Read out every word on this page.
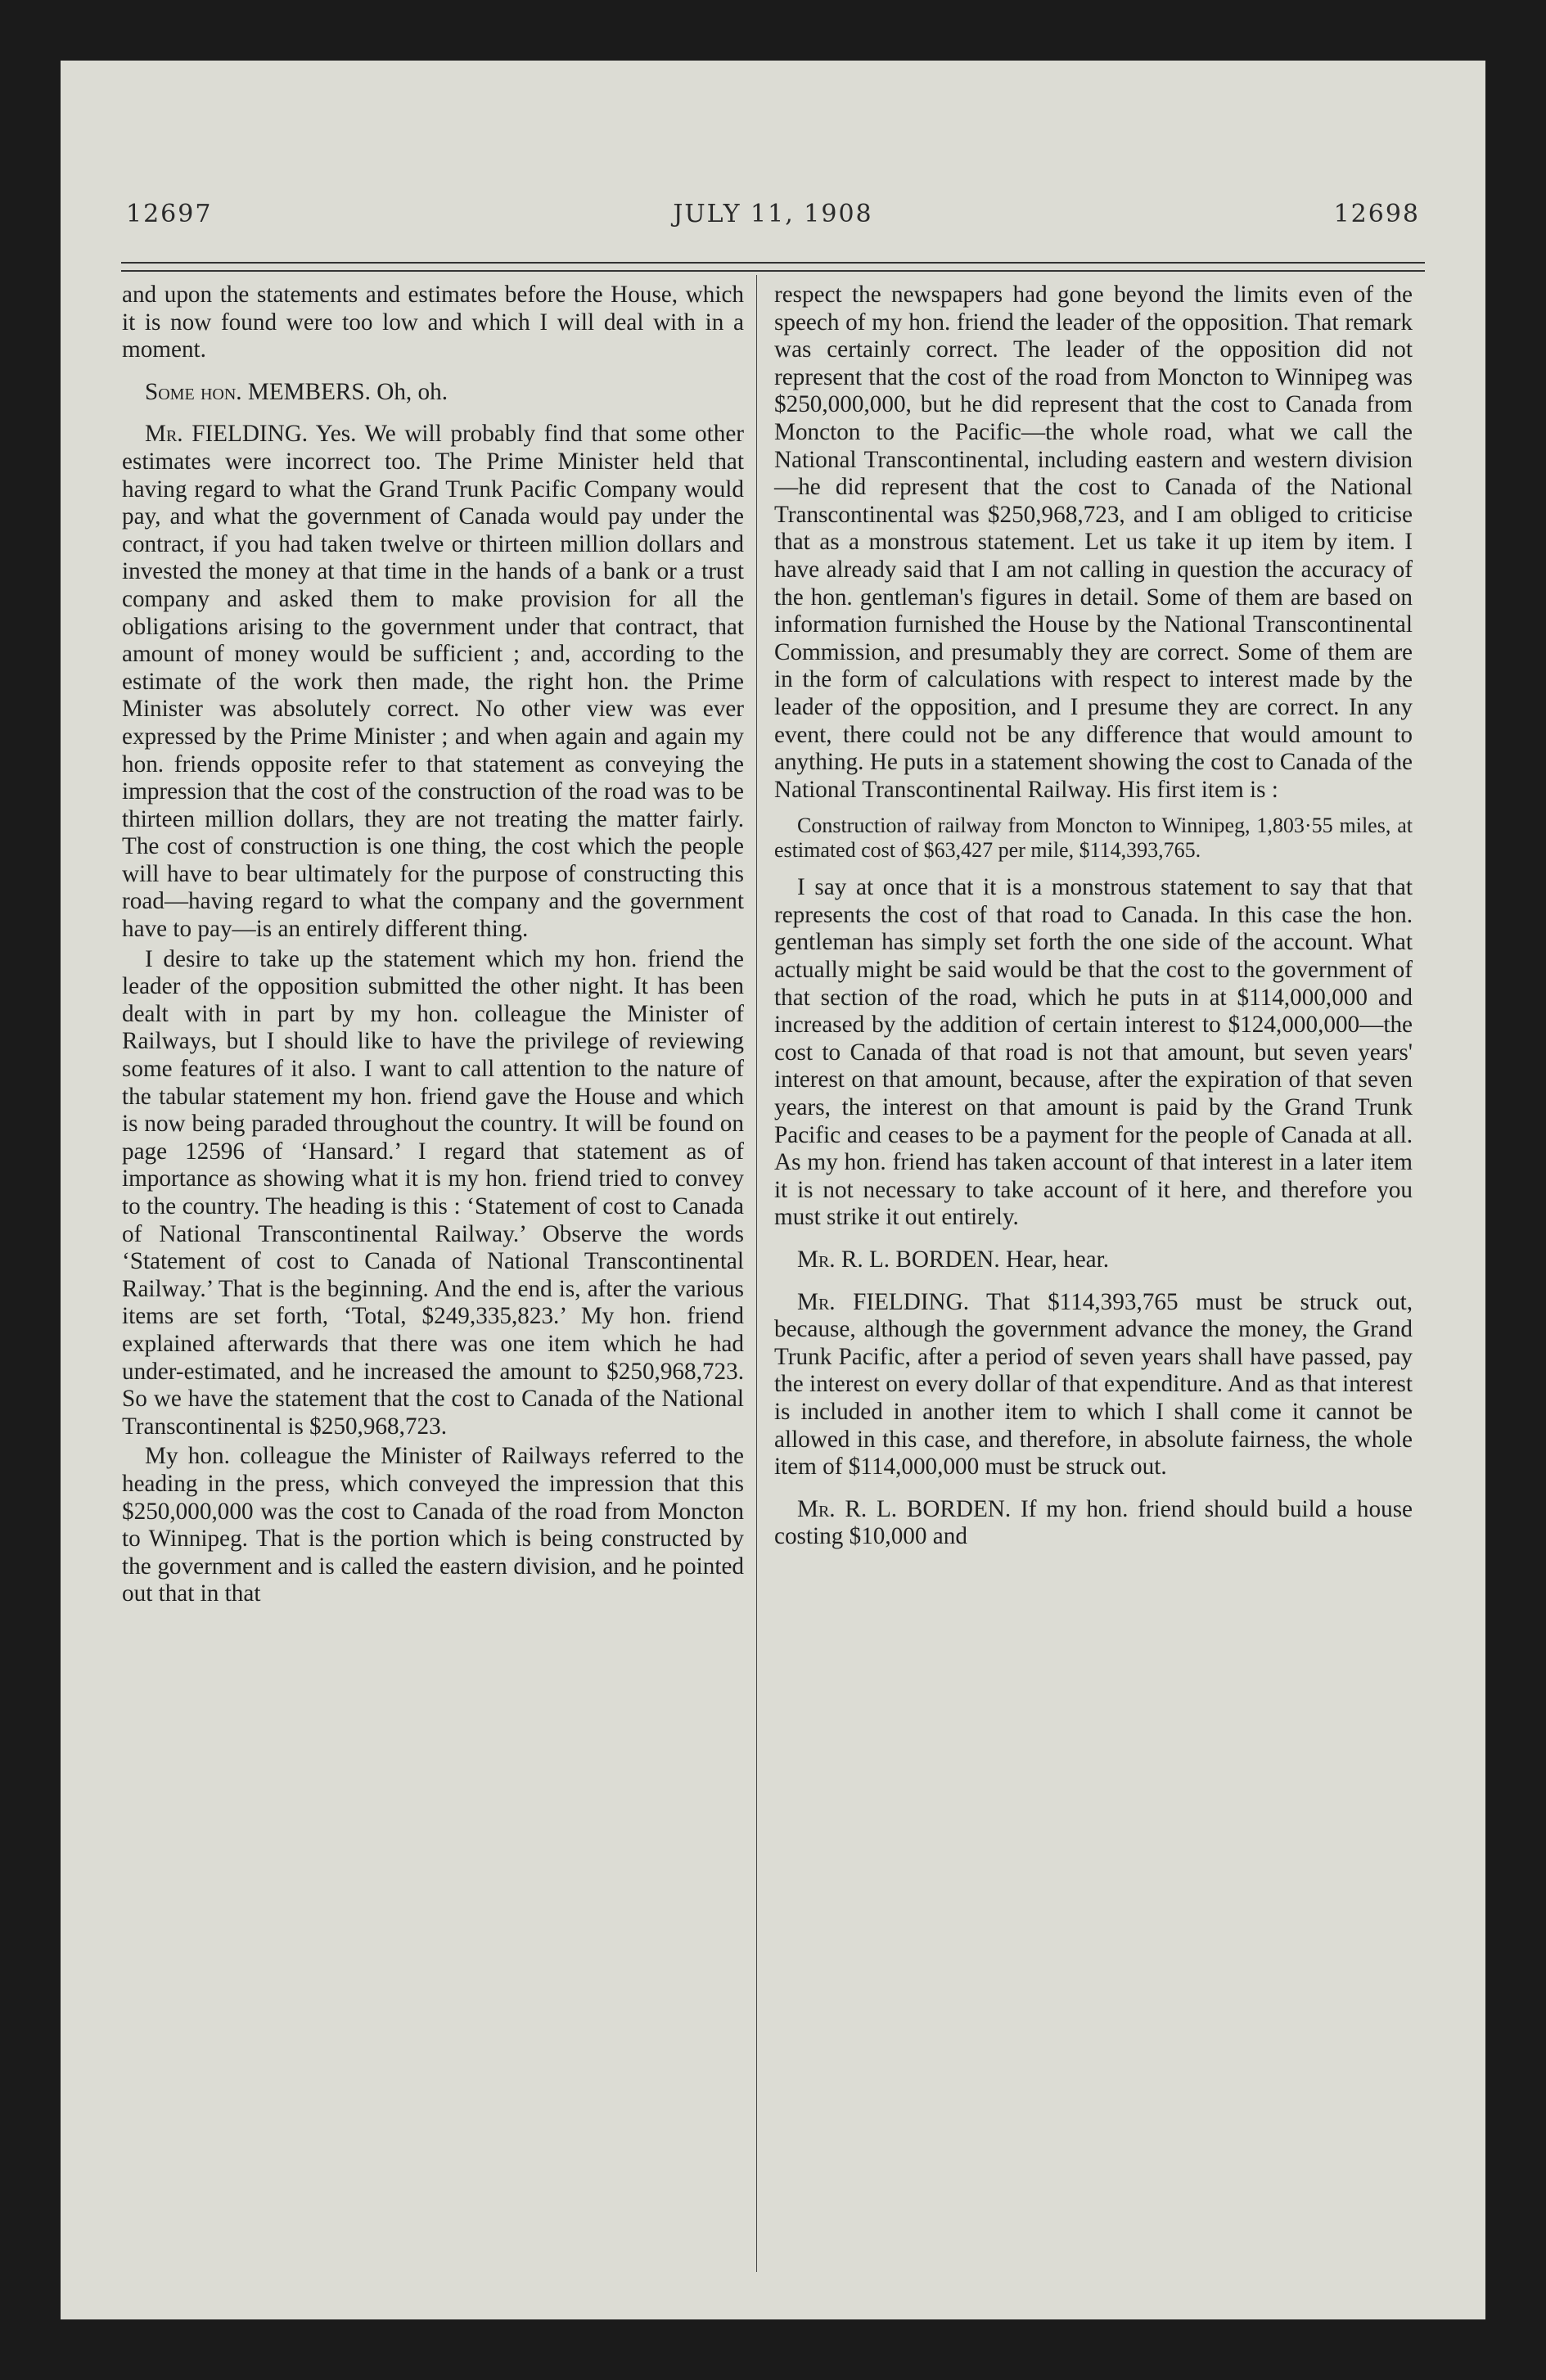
12697	JULY 11, 1908	12698

and upon the statements and estimates before the House, which it is now found were too low and which I will deal with in a moment.

Some hon. MEMBERS. Oh, oh.

Mr. FIELDING. Yes. We will probably find that some other estimates were incorrect too. The Prime Minister held that having regard to what the Grand Trunk Pacific Company would pay, and what the government of Canada would pay under the contract, if you had taken twelve or thirteen million dollars and invested the money at that time in the hands of a bank or a trust company and asked them to make provision for all the obligations arising to the government under that contract, that amount of money would be sufficient ; and, according to the estimate of the work then made, the right hon. the Prime Minister was absolutely correct. No other view was ever expressed by the Prime Minister ; and when again and again my hon. friends opposite refer to that statement as conveying the impression that the cost of the construction of the road was to be thirteen million dollars, they are not treating the matter fairly. The cost of construction is one thing, the cost which the people will have to bear ultimately for the purpose of constructing this road—having regard to what the company and the government have to pay—is an entirely different thing.

I desire to take up the statement which my hon. friend the leader of the opposition submitted the other night. It has been dealt with in part by my hon. colleague the Minister of Railways, but I should like to have the privilege of reviewing some features of it also. I want to call attention to the nature of the tabular statement my hon. friend gave the House and which is now being paraded throughout the country. It will be found on page 12596 of ‘Hansard.’ I regard that statement as of importance as showing what it is my hon. friend tried to convey to the country. The heading is this : ‘Statement of cost to Canada of National Transcontinental Railway.’ Observe the words ‘Statement of cost to Canada of National Transcontinental Railway.’ That is the beginning. And the end is, after the various items are set forth, ‘Total, $249,335,823.’ My hon. friend explained afterwards that there was one item which he had under-estimated, and he increased the amount to $250,968,723. So we have the statement that the cost to Canada of the National Transcontinental is $250,968,723.

My hon. colleague the Minister of Railways referred to the heading in the press, which conveyed the impression that this $250,000,000 was the cost to Canada of the road from Moncton to Winnipeg. That is the portion which is being constructed by the government and is called the eastern division, and he pointed out that in that

respect the newspapers had gone beyond the limits even of the speech of my hon. friend the leader of the opposition. That remark was certainly correct. The leader of the opposition did not represent that the cost of the road from Moncton to Winnipeg was $250,000,000, but he did represent that the cost to Canada from Moncton to the Pacific—the whole road, what we call the National Transcontinental, including eastern and western division—he did represent that the cost to Canada of the National Transcontinental was $250,968,723, and I am obliged to criticise that as a monstrous statement. Let us take it up item by item. I have already said that I am not calling in question the accuracy of the hon. gentleman's figures in detail. Some of them are based on information furnished the House by the National Transcontinental Commission, and presumably they are correct. Some of them are in the form of calculations with respect to interest made by the leader of the opposition, and I presume they are correct. In any event, there could not be any difference that would amount to anything. He puts in a statement showing the cost to Canada of the National Transcontinental Railway. His first item is :

Construction of railway from Moncton to Winnipeg, 1,803·55 miles, at estimated cost of $63,427 per mile, $114,393,765.

I say at once that it is a monstrous statement to say that that represents the cost of that road to Canada. In this case the hon. gentleman has simply set forth the one side of the account. What actually might be said would be that the cost to the government of that section of the road, which he puts in at $114,000,000 and increased by the addition of certain interest to $124,000,000—the cost to Canada of that road is not that amount, but seven years' interest on that amount, because, after the expiration of that seven years, the interest on that amount is paid by the Grand Trunk Pacific and ceases to be a payment for the people of Canada at all. As my hon. friend has taken account of that interest in a later item it is not necessary to take account of it here, and therefore you must strike it out entirely.

Mr. R. L. BORDEN. Hear, hear.

Mr. FIELDING. That $114,393,765 must be struck out, because, although the government advance the money, the Grand Trunk Pacific, after a period of seven years shall have passed, pay the interest on every dollar of that expenditure. And as that interest is included in another item to which I shall come it cannot be allowed in this case, and therefore, in absolute fairness, the whole item of $114,000,000 must be struck out.

Mr. R. L. BORDEN. If my hon. friend should build a house costing $10,000 and
